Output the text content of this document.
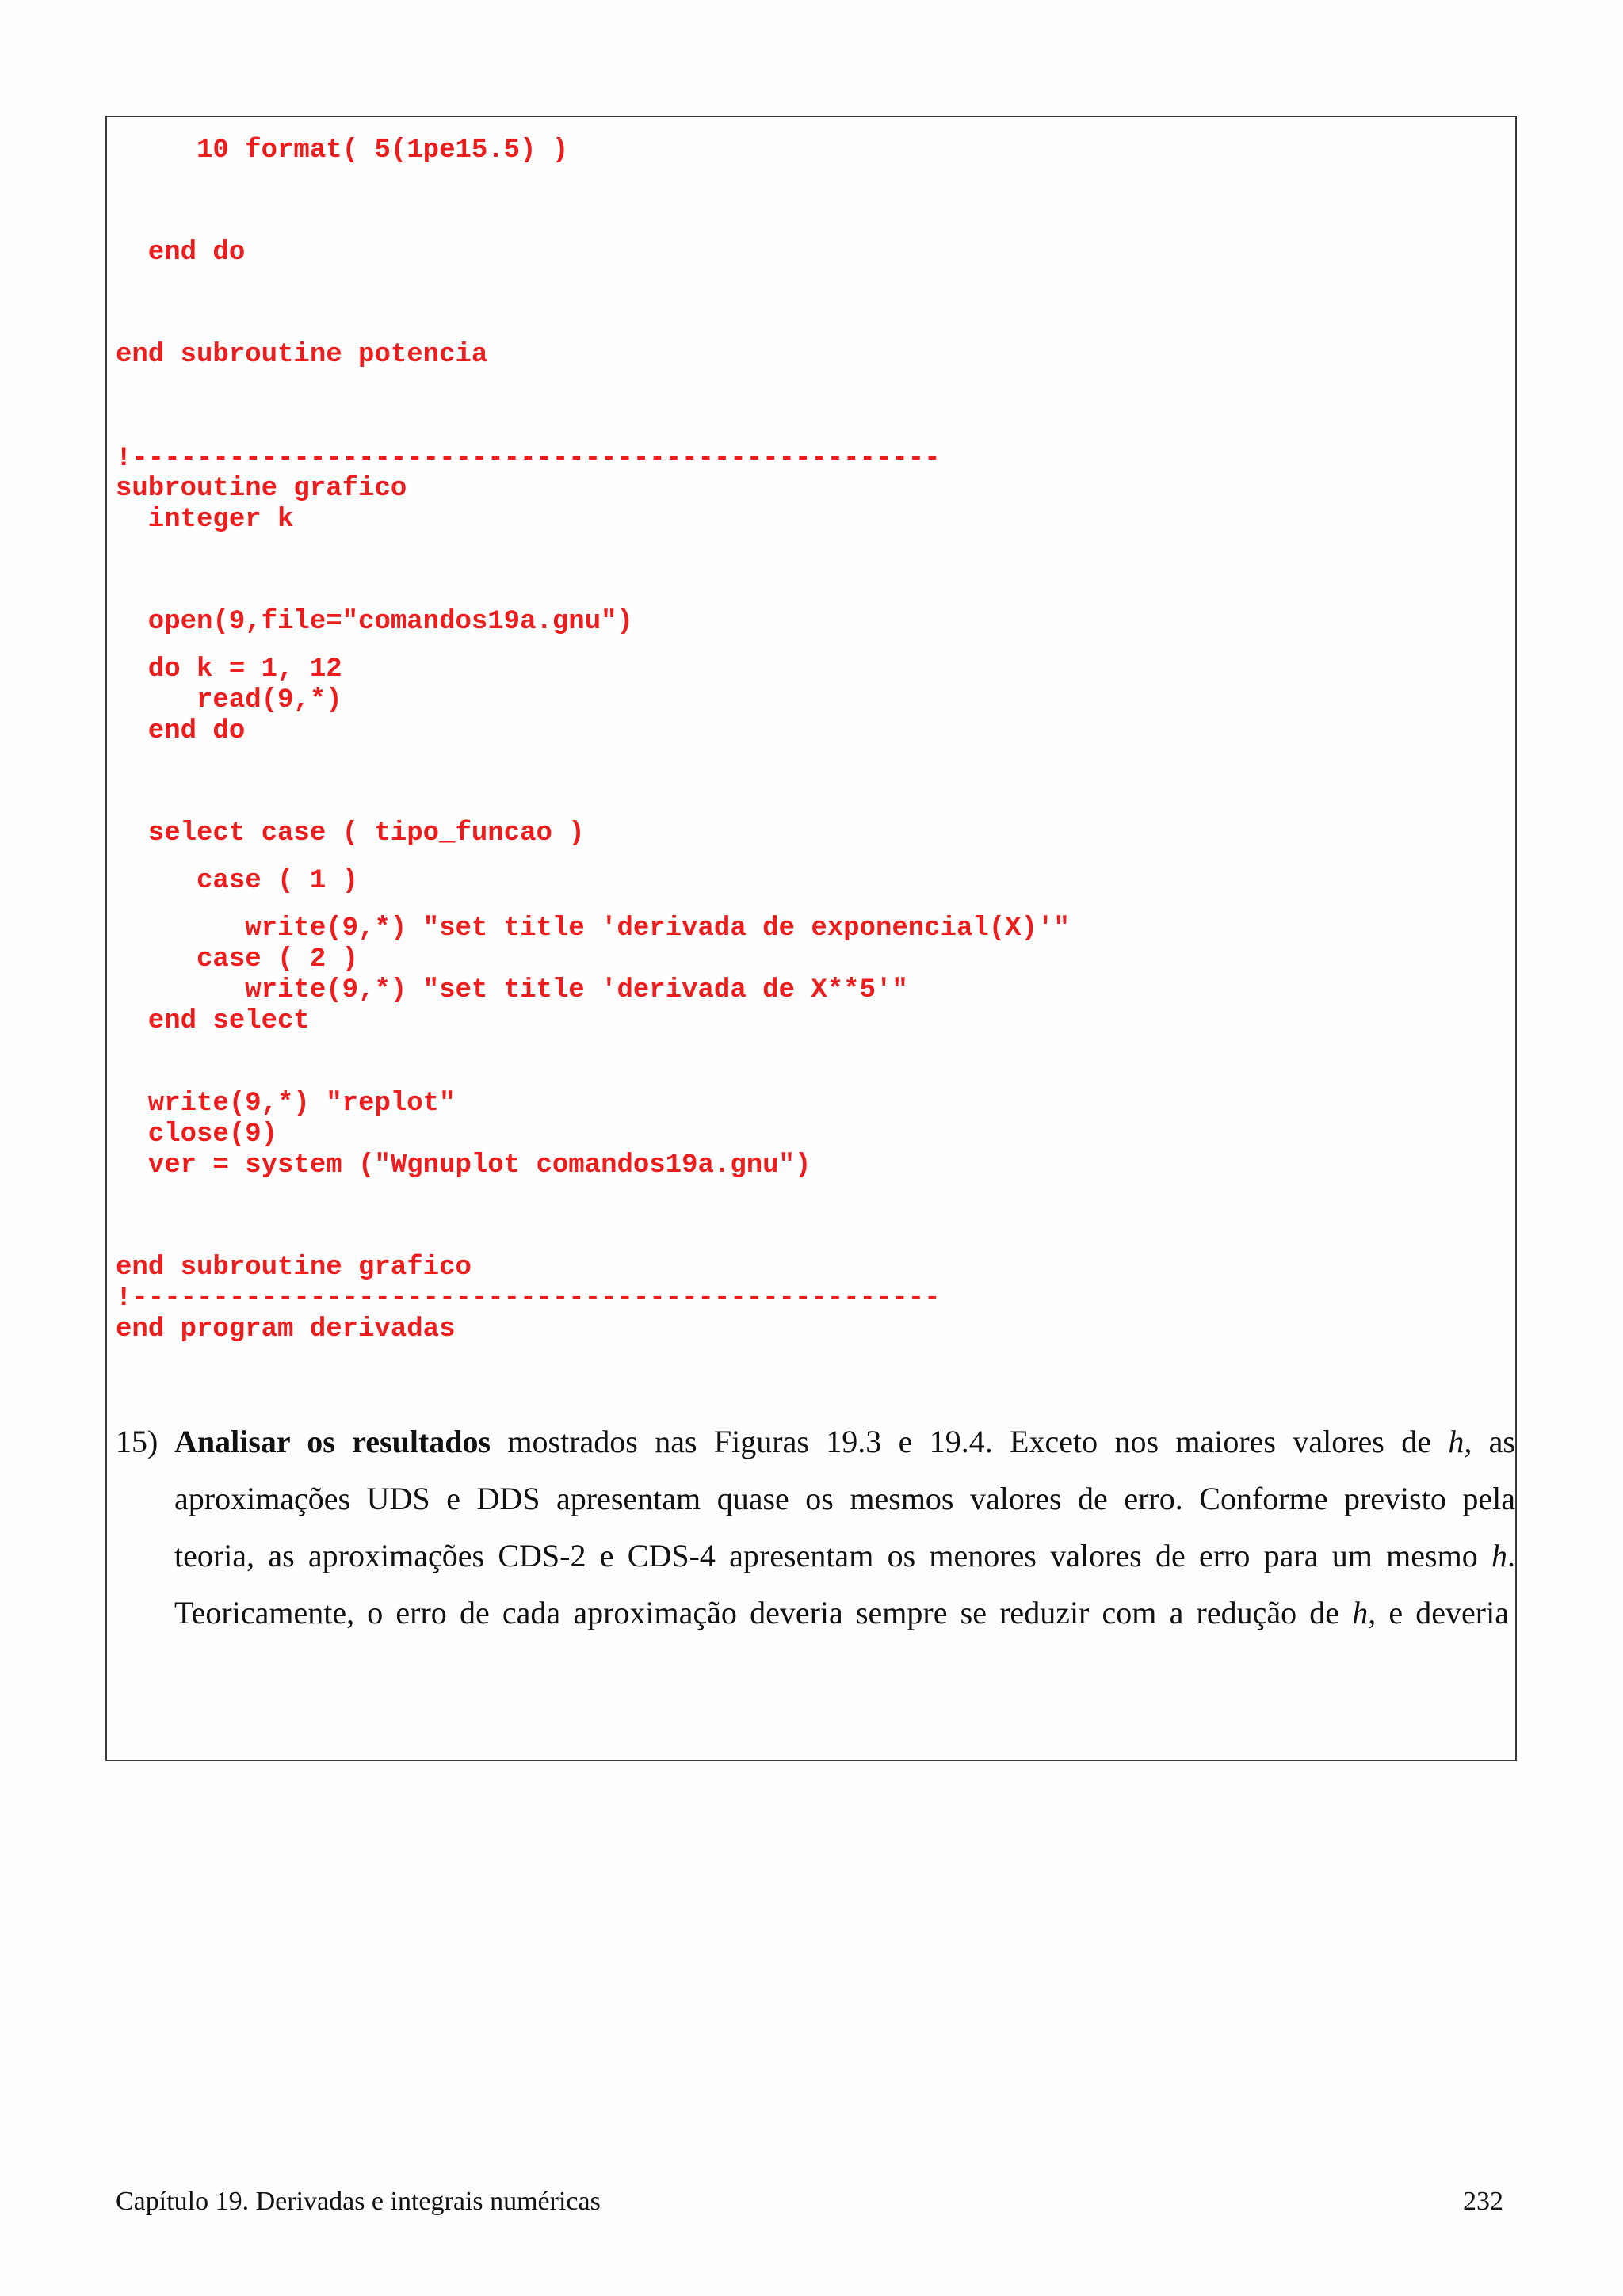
10 format( 5(1pe15.5) )
end do
end subroutine potencia
!--------------------------------------------------
subroutine grafico
integer k
open(9,file="comandos19a.gnu")
do k = 1, 12
read(9,*)
end do
select case ( tipo_funcao )
case ( 1 )
write(9,*) "set title 'derivada de exponencial(X)'"
case ( 2 )
write(9,*) "set title 'derivada de X**5'"
end select
write(9,*) "replot"
close(9)
ver = system ("Wgnuplot comandos19a.gnu")
end subroutine grafico
!--------------------------------------------------
end program derivadas
15) Analisar os resultados mostrados nas Figuras 19.3 e 19.4. Exceto nos maiores valores de h, as
aproximações UDS e DDS apresentam quase os mesmos valores de erro. Conforme previsto pela
teoria, as aproximações CDS-2 e CDS-4 apresentam os menores valores de erro para um mesmo h.
Teoricamente, o erro de cada aproximação deveria sempre se reduzir com a redução de h, e deveria
Capítulo 19. Derivadas e integrais numéricas	232
